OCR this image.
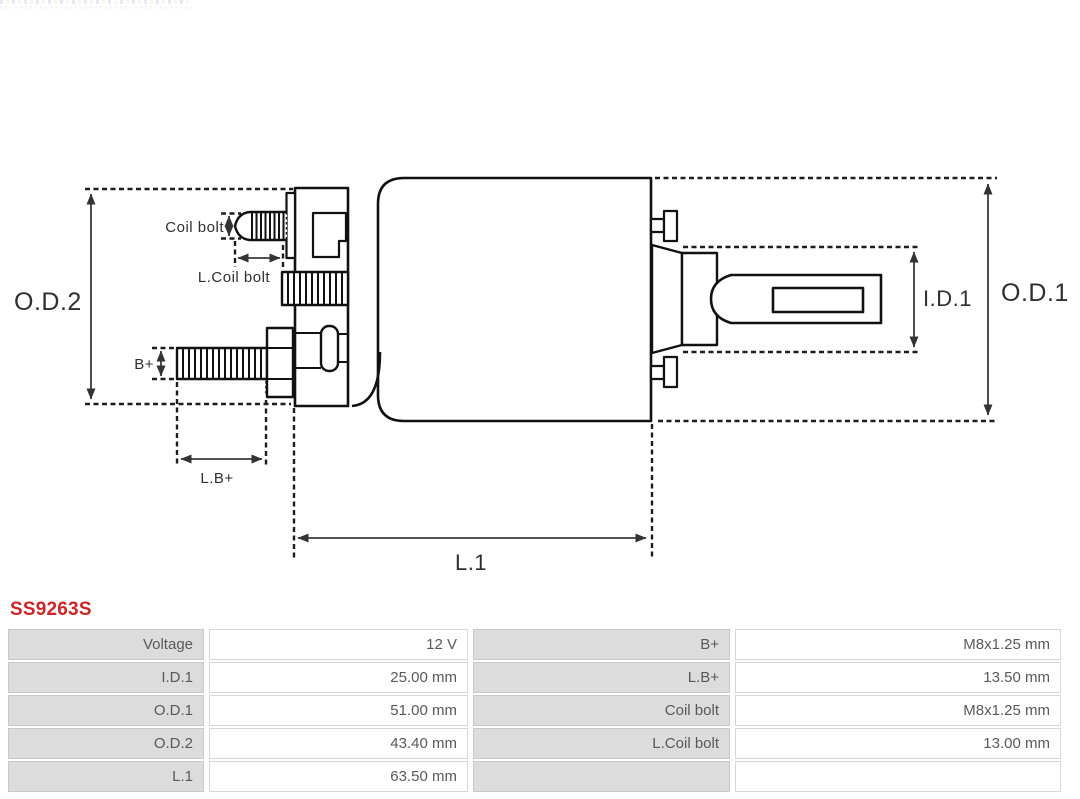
O.D.2	O.D.1
I.D.1
L.1
Coil bolt
L.Coil bolt
B+
L.B+
SS9263S
Voltage	12 V	B+	M8x1.25 mm
I.D.1	25.00 mm	L.B+	13.50 mm
O.D.1	51.00 mm	Coil bolt	M8x1.25 mm
O.D.2	43.40 mm	L.Coil bolt	13.00 mm
L.1	63.50 mm
